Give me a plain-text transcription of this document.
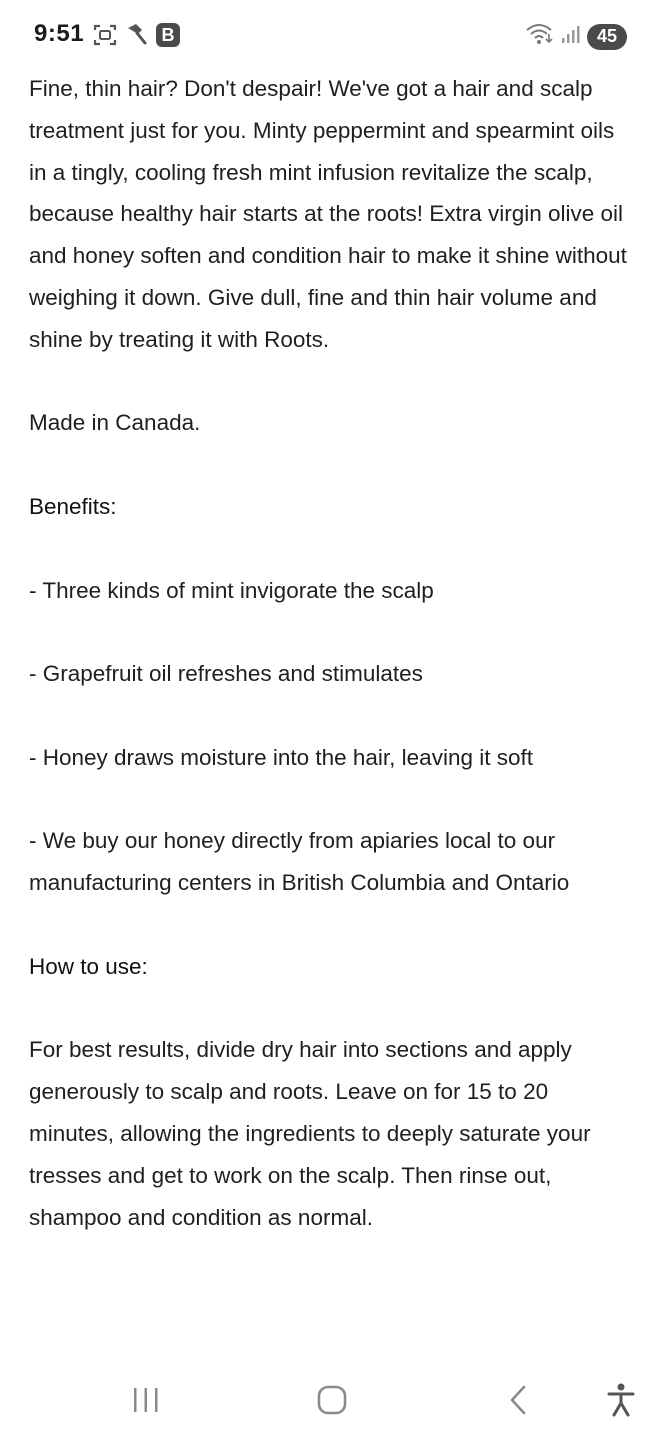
9:51	B	45

Fine, thin hair? Don't despair! We've got a hair and scalp treatment just for you. Minty peppermint and spearmint oils in a tingly, cooling fresh mint infusion revitalize the scalp, because healthy hair starts at the roots! Extra virgin olive oil and honey soften and condition hair to make it shine without weighing it down. Give dull, fine and thin hair volume and shine by treating it with Roots.

Made in Canada.

Benefits:

- Three kinds of mint invigorate the scalp

- Grapefruit oil refreshes and stimulates

- Honey draws moisture into the hair, leaving it soft

- We buy our honey directly from apiaries local to our manufacturing centers in British Columbia and Ontario

How to use:

For best results, divide dry hair into sections and apply generously to scalp and roots. Leave on for 15 to 20 minutes, allowing the ingredients to deeply saturate your tresses and get to work on the scalp. Then rinse out, shampoo and condition as normal.
